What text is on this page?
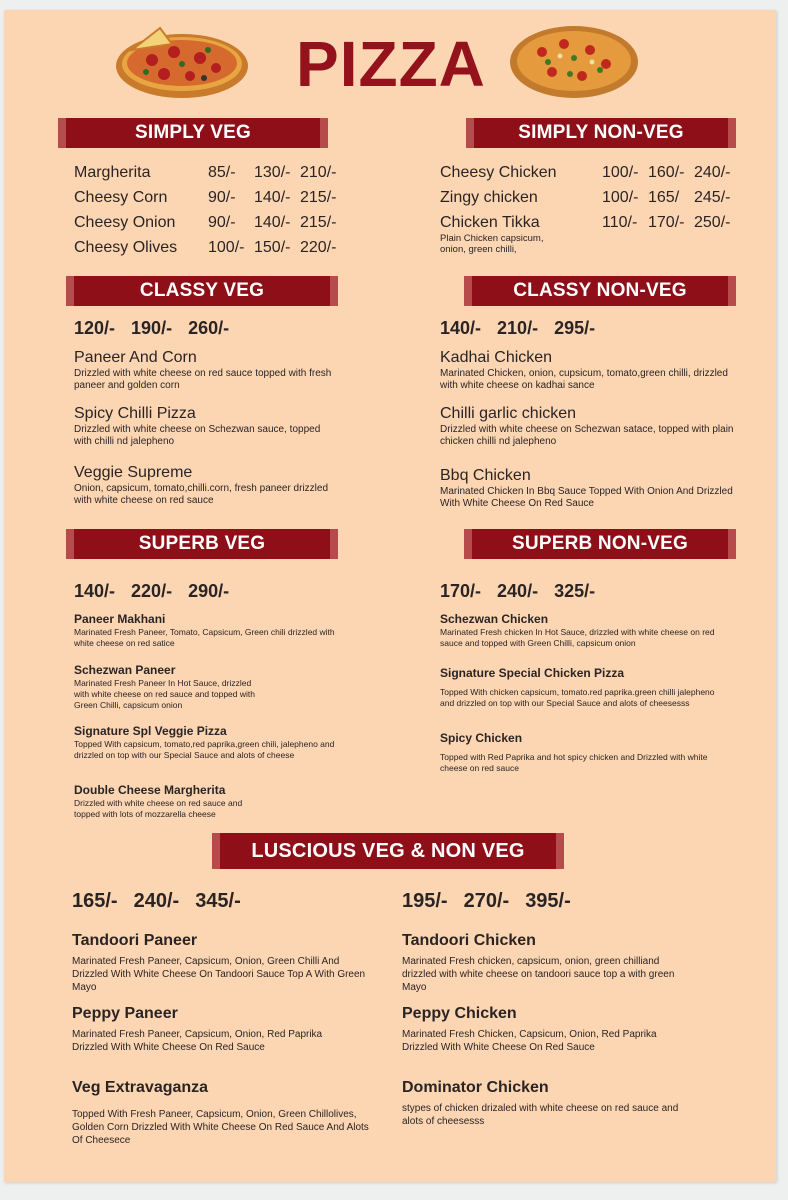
PIZZA
SIMPLY VEG
Margherita	85/-	130/- 210/-
Cheesy Corn	90/-	140/- 215/-
Cheesy Onion	90/-	140/- 215/-
Cheesy Olives	100/- 150/- 220/-
SIMPLY NON-VEG
Cheesy Chicken	100/- 160/- 240/-
Zingy chicken	100/- 165/ 245/-
Chicken Tikka	110/- 170/- 250/-
Plain Chicken capsicum, onion, green chilli,
CLASSY VEG
120/- 190/- 260/-
Paneer And Corn
Drizzled with white cheese on red sauce topped with fresh paneer and golden corn
Spicy Chilli Pizza
Drizzled with white cheese on Schezwan sauce, topped with chilli nd jalepheno
Veggie Supreme
Onion, capsicum, tomato,chilli.corn, fresh paneer drizzled with white cheese on red sauce
CLASSY NON-VEG
140/- 210/- 295/-
Kadhai Chicken
Marinated Chicken, onion, cupsicum, tomato,green chilli, drizzled with white cheese on kadhai sance
Chilli garlic chicken
Drizzled with white cheese on Schezwan satace, topped with plain chicken chilli nd jalepheno
Bbq Chicken
Marinated Chicken In Bbq Sauce Topped With Onion And Drizzled With White Cheese On Red Sauce
SUPERB VEG
140/- 220/- 290/-
Paneer Makhani
Marinated Fresh Paneer, Tomato, Capsicum, Green chili drizzled with white cheese on red satice
Schezwan Paneer
Marinated Fresh Paneer In Hot Sauce, drizzled with white cheese on red sauce and topped with Green Chilli, capsicum onion
Signature Spl Veggie Pizza
Topped With capsicum, tomato,red paprika,green chili, jalepheno and drizzled on top with our Special Sauce and alots of cheese
Double Cheese Margherita
Drizzled with white cheese on red sauce and topped with lots of mozzarella cheese
SUPERB NON-VEG
170/- 240/- 325/-
Schezwan Chicken
Marinated Fresh chicken In Hot Sauce, drizzled with white cheese on red sauce and topped with Green Chilli, capsicum onion
Signature Special Chicken Pizza
Topped With chicken capsicum, tomato.red paprika.green chilli jalepheno and drizzled on top with our Special Sauce and alots of cheesesss
Spicy Chicken
Topped with Red Paprika and hot spicy chicken and Drizzled with white cheese on red sauce
LUSCIOUS VEG & NON VEG
165/- 240/- 345/-	195/- 270/- 395/-
Tandoori Paneer
Marinated Fresh Paneer, Capsicum, Onion, Green Chilli And Drizzled With White Cheese On Tandoori Sauce Top A With Green Mayo
Peppy Paneer
Marinated Fresh Paneer, Capsicum, Onion, Red Paprika Drizzled With White Cheese On Red Sauce
Veg Extravaganza
Topped With Fresh Paneer, Capsicum, Onion, Green Chillolives, Golden Corn Drizzled With White Cheese On Red Sauce And Alots Of Cheesece
Tandoori Chicken
Marinated Fresh chicken, capsicum, onion, green chilliand drizzled with white cheese on tandoori sauce top a with green Mayo
Peppy Chicken
Marinated Fresh Chicken, Capsicum, Onion, Red Paprika Drizzled With White Cheese On Red Sauce
Dominator Chicken
stypes of chicken drizaled with white cheese on red sauce and alots of cheesesss
